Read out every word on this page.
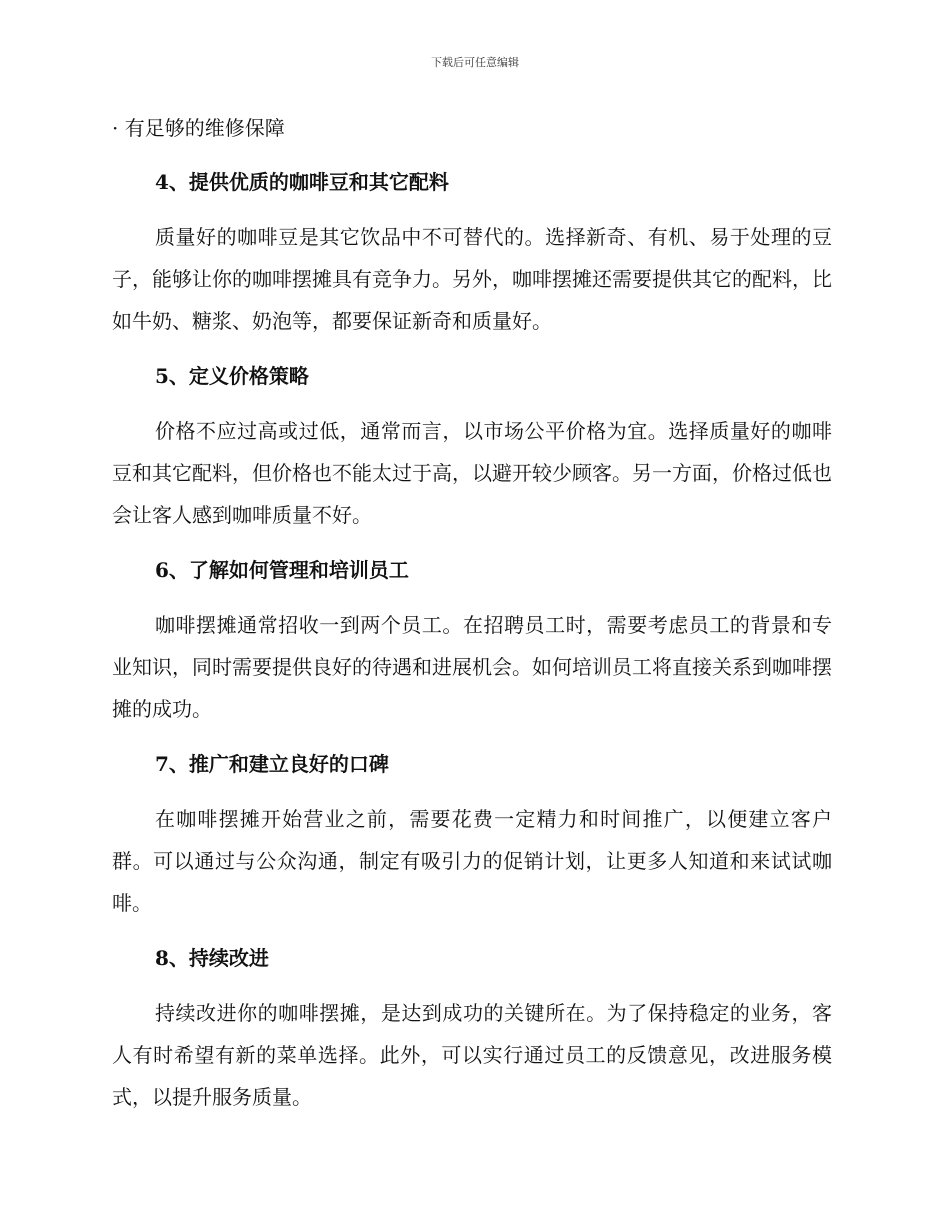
下载后可任意编辑
· 有足够的维修保障
4、提供优质的咖啡豆和其它配料
质量好的咖啡豆是其它饮品中不可替代的。选择新奇、有机、易于处理的豆子，能够让你的咖啡摆摊具有竞争力。另外，咖啡摆摊还需要提供其它的配料，比如牛奶、糖浆、奶泡等，都要保证新奇和质量好。
5、定义价格策略
价格不应过高或过低，通常而言，以市场公平价格为宜。选择质量好的咖啡豆和其它配料，但价格也不能太过于高，以避开较少顾客。另一方面，价格过低也会让客人感到咖啡质量不好。
6、了解如何管理和培训员工
咖啡摆摊通常招收一到两个员工。在招聘员工时，需要考虑员工的背景和专业知识，同时需要提供良好的待遇和进展机会。如何培训员工将直接关系到咖啡摆摊的成功。
7、推广和建立良好的口碑
在咖啡摆摊开始营业之前，需要花费一定精力和时间推广，以便建立客户群。可以通过与公众沟通，制定有吸引力的促销计划，让更多人知道和来试试咖啡。
8、持续改进
持续改进你的咖啡摆摊，是达到成功的关键所在。为了保持稳定的业务，客人有时希望有新的菜单选择。此外，可以实行通过员工的反馈意见，改进服务模式，以提升服务质量。
